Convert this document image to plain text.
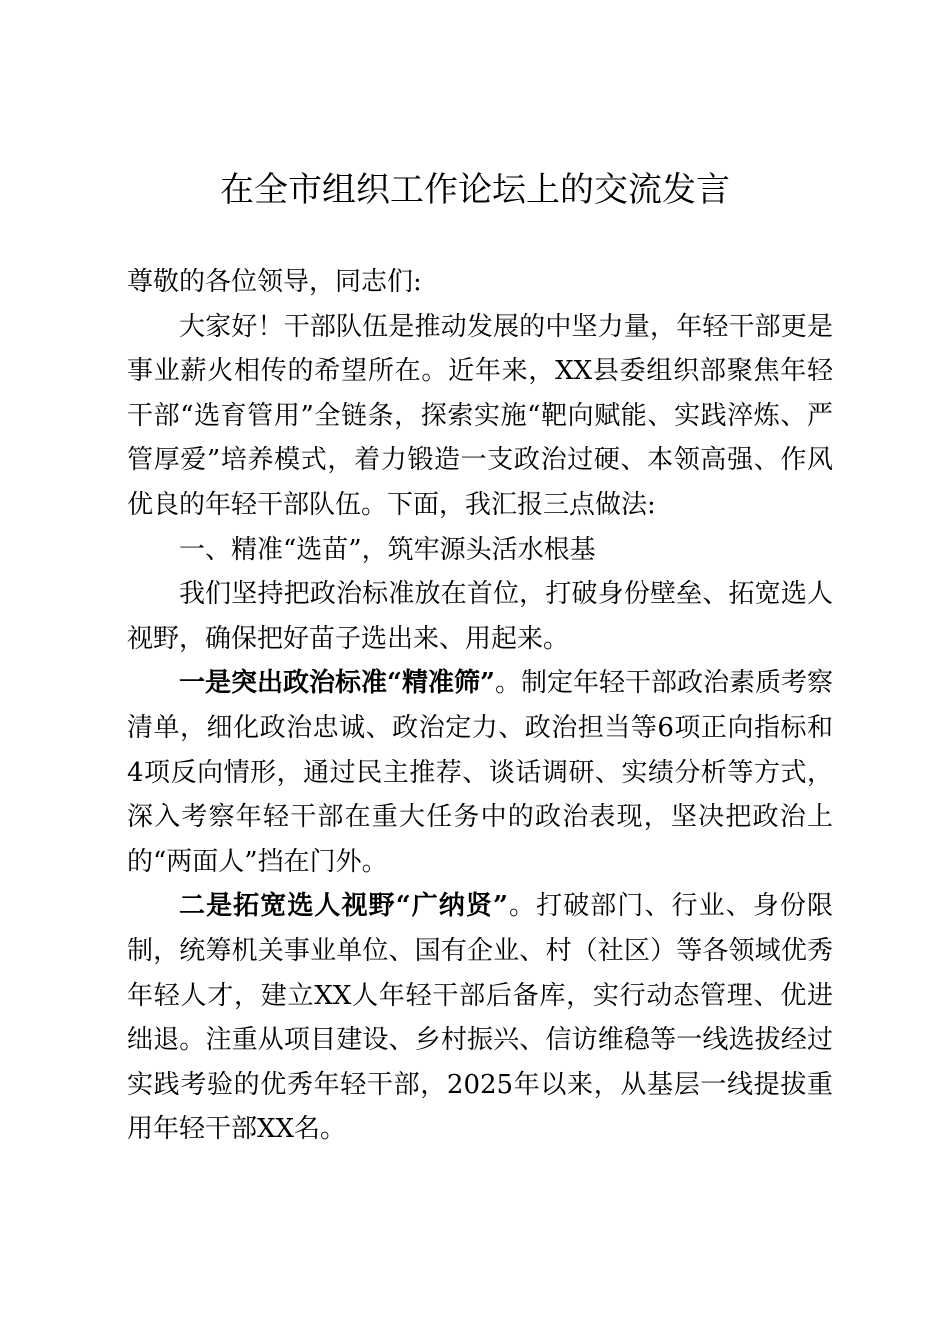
在全市组织工作论坛上的交流发言

尊敬的各位领导，同志们:

大家好！干部队伍是推动发展的中坚力量，年轻干部更是事业薪火相传的希望所在。近年来，XX县委组织部聚焦年轻干部“选育管用”全链条，探索实施“靶向赋能、实践淬炼、严管厚爱”培养模式，着力锻造一支政治过硬、本领高强、作风优良的年轻干部队伍。下面，我汇报三点做法:

一、精准“选苗”，筑牢源头活水根基

我们坚持把政治标准放在首位，打破身份壁垒、拓宽选人视野，确保把好苗子选出来、用起来。

一是突出政治标准“精准筛”。制定年轻干部政治素质考察清单，细化政治忠诚、政治定力、政治担当等6项正向指标和4项反向情形，通过民主推荐、谈话调研、实绩分析等方式，深入考察年轻干部在重大任务中的政治表现，坚决把政治上的“两面人”挡在门外。

二是拓宽选人视野“广纳贤”。打破部门、行业、身份限制，统筹机关事业单位、国有企业、村（社区）等各领域优秀年轻人才，建立XX人年轻干部后备库，实行动态管理、优进绌退。注重从项目建设、乡村振兴、信访维稳等一线选拔经过实践考验的优秀年轻干部，2025年以来，从基层一线提拔重用年轻干部XX名。
